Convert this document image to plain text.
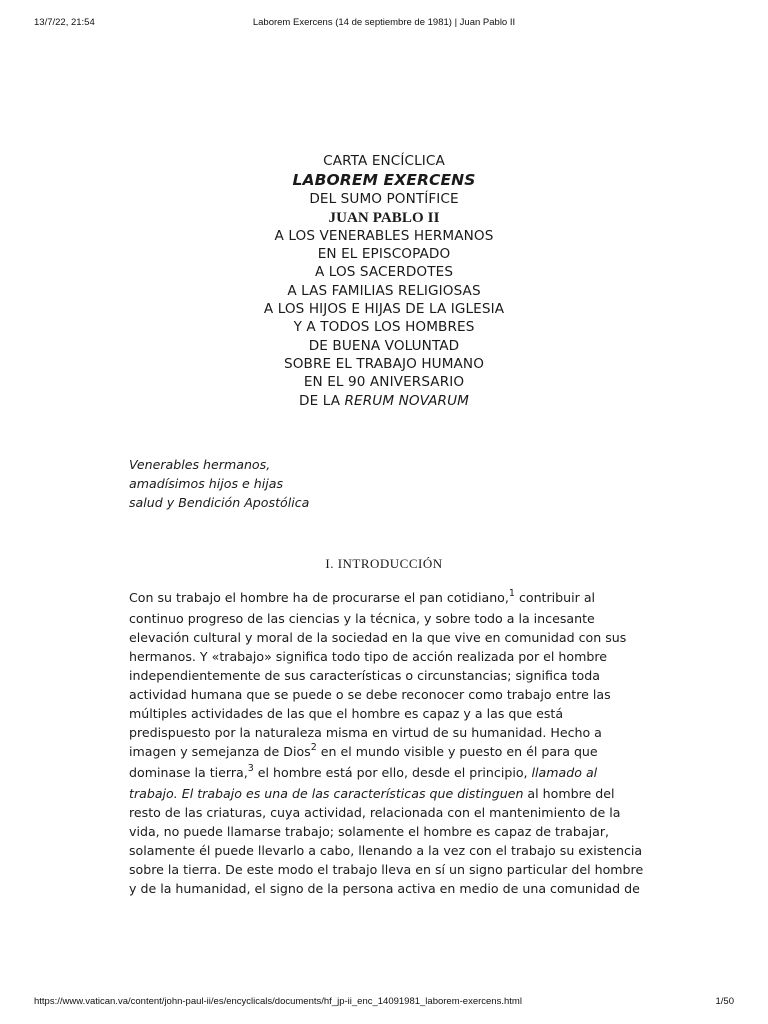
13/7/22, 21:54	Laborem Exercens (14 de septiembre de 1981) | Juan Pablo II
CARTA ENCÍCLICA
LABOREM EXERCENS
DEL SUMO PONTÍFICE
JUAN PABLO II
A LOS VENERABLES HERMANOS
EN EL EPISCOPADO
A LOS SACERDOTES
A LAS FAMILIAS RELIGIOSAS
A LOS HIJOS E HIJAS DE LA IGLESIA
Y A TODOS LOS HOMBRES
DE BUENA VOLUNTAD
SOBRE EL TRABAJO HUMANO
EN EL 90 ANIVERSARIO
DE LA RERUM NOVARUM
Venerables hermanos,
amadísimos hijos e hijas
salud y Bendición Apostólica
I. INTRODUCCIÓN
Con su trabajo el hombre ha de procurarse el pan cotidiano,$^1$ contribuir al
continuo progreso de las ciencias y la técnica, y sobre todo a la incesante
elevación cultural y moral de la sociedad en la que vive en comunidad con sus
hermanos. Y «trabajo» significa todo tipo de acción realizada por el hombre
independientemente de sus características o circunstancias; significa toda
actividad humana que se puede o se debe reconocer como trabajo entre las
múltiples actividades de las que el hombre es capaz y a las que está
predispuesto por la naturaleza misma en virtud de su humanidad. Hecho a
imagen y semejanza de Dios$^2$ en el mundo visible y puesto en él para que
dominase la tierra,$^3$ el hombre está por ello, desde el principio, llamado al
trabajo. El trabajo es una de las características que distinguen al hombre del
resto de las criaturas, cuya actividad, relacionada con el mantenimiento de la
vida, no puede llamarse trabajo; solamente el hombre es capaz de trabajar,
solamente él puede llevarlo a cabo, llenando a la vez con el trabajo su existencia
sobre la tierra. De este modo el trabajo lleva en sí un signo particular del hombre
y de la humanidad, el signo de la persona activa en medio de una comunidad de
https://www.vatican.va/content/john-paul-ii/es/encyclicals/documents/hf_jp-ii_enc_14091981_laborem-exercens.html	1/50
